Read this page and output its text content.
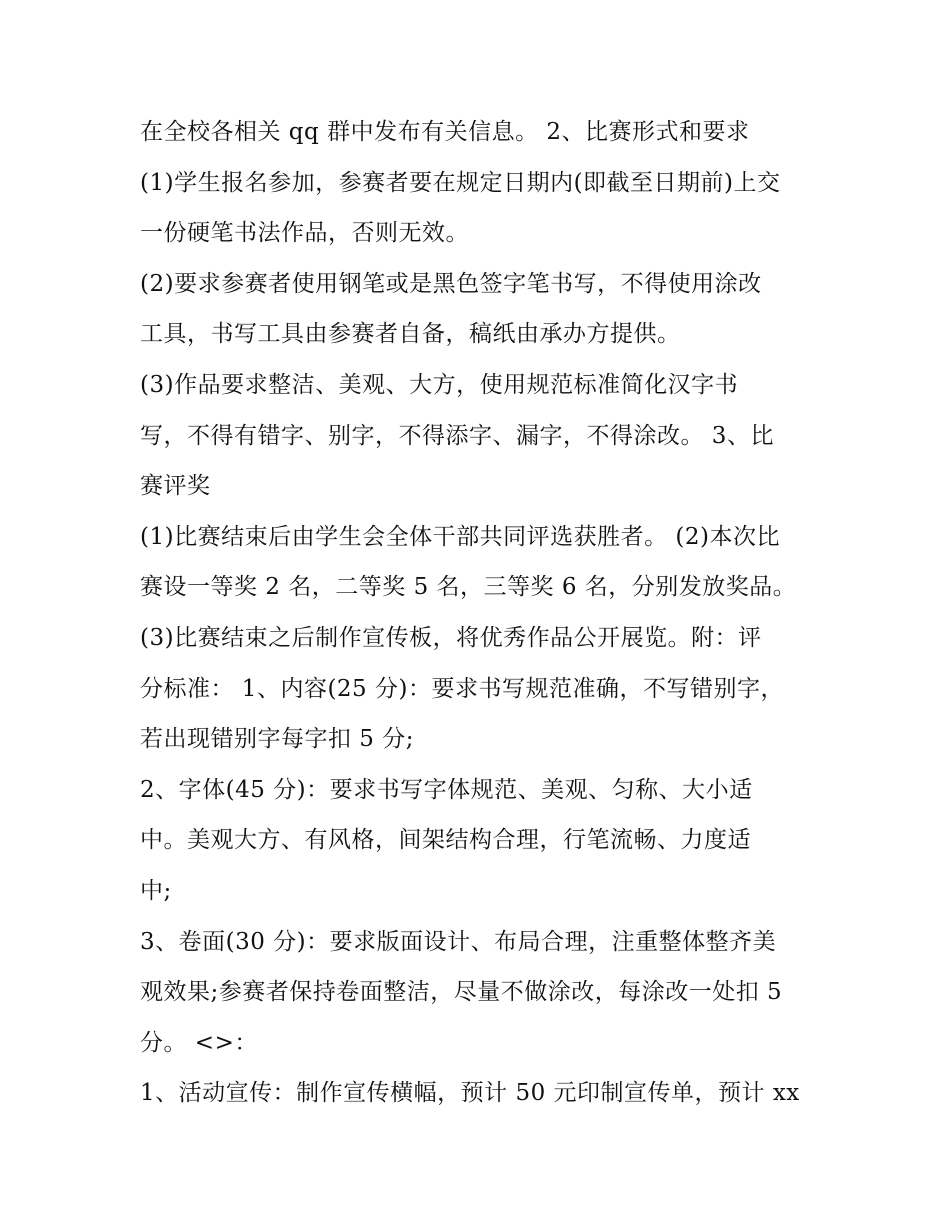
在全校各相关 qq 群中发布有关信息。 2、比赛形式和要求
(1)学生报名参加，参赛者要在规定日期内(即截至日期前)上交
一份硬笔书法作品，否则无效。
(2)要求参赛者使用钢笔或是黑色签字笔书写，不得使用涂改
工具，书写工具由参赛者自备，稿纸由承办方提供。
(3)作品要求整洁、美观、大方，使用规范标准简化汉字书
写，不得有错字、别字，不得添字、漏字，不得涂改。 3、比
赛评奖
(1)比赛结束后由学生会全体干部共同评选获胜者。 (2)本次比
赛设一等奖 2 名，二等奖 5 名，三等奖 6 名，分别发放奖品。
(3)比赛结束之后制作宣传板，将优秀作品公开展览。附：评
分标准： 1、内容(25 分)：要求书写规范准确，不写错别字，
若出现错别字每字扣 5 分;
2、字体(45 分)：要求书写字体规范、美观、匀称、大小适
中。美观大方、有风格，间架结构合理，行笔流畅、力度适
中;
3、卷面(30 分)：要求版面设计、布局合理，注重整体整齐美
观效果;参赛者保持卷面整洁，尽量不做涂改，每涂改一处扣 5
分。 <>：
1、活动宣传：制作宣传横幅，预计 50 元印制宣传单，预计 xx
